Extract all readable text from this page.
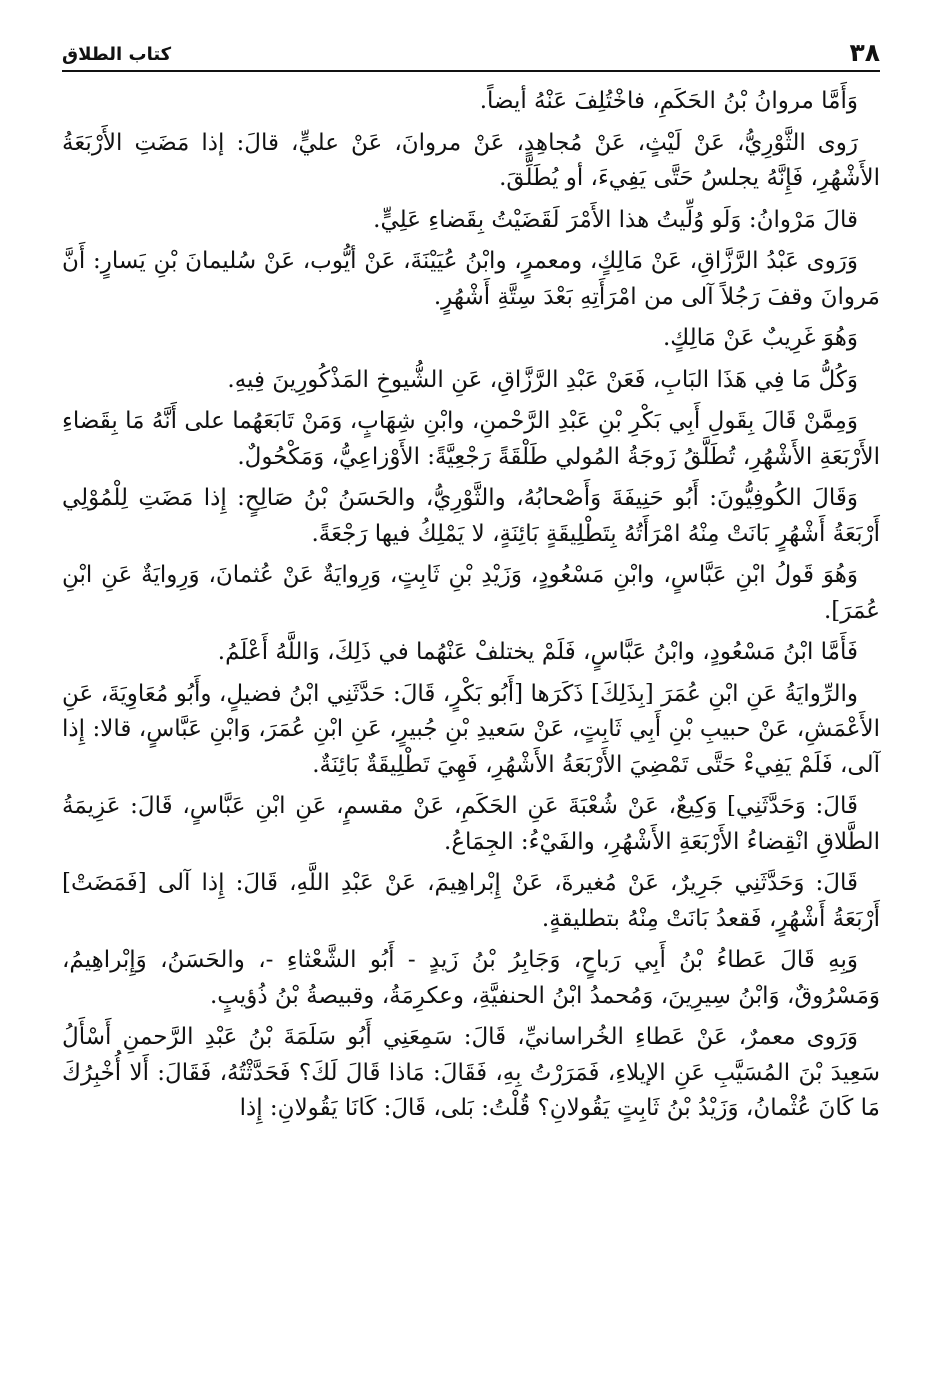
٣٨
كتاب الطلاق

وَأَمَّا مروانُ بْنُ الحَكَمِ، فاخْتُلِفَ عَنْهُ أيضاً.

رَوى الثَّوْرِيُّ، عَنْ لَيْثٍ، عَنْ مُجاهِدٍ، عَنْ مروانَ، عَنْ عليٍّ، قالَ: إذا مَضَتِ الأَرْبَعَةُ الأَشْهُرِ، فَإِنَّهُ يجلسُ حَتَّى يَفِيءَ، أو يُطَلِّقَ.

قالَ مَرْوانُ: وَلَو وُلِّيتُ هذا الأَمْرَ لَقَضَيْتُ بِقَضاءِ عَلِيٍّ.

وَرَوى عَبْدُ الرَّزَّاقِ، عَنْ مَالِكٍ، ومعمرٍ، وابْنُ عُيَيْنَةَ، عَنْ أيُّوب، عَنْ سُليمانَ بْنِ يَسارٍ: أَنَّ مَروانَ وقفَ رَجُلاً آلى من امْرَأَتِهِ بَعْدَ سِتَّةِ أَشْهُرٍ.

وَهُوَ غَرِيبٌ عَنْ مَالِكٍ.

وَكُلُّ مَا فِي هَذَا البَابِ، فَعَنْ عَبْدِ الرَّزَّاقِ، عَنِ الشُّيوخِ المَذْكُورِينَ فِيهِ.

وَمِمَّنْ قَالَ بِقَولِ أَبِي بَكْرِ بْنِ عَبْدِ الرَّحْمنِ، وابْنِ شِهَابٍ، وَمَنْ تَابَعَهُما على أَنَّهُ مَا بِقَضاءِ الأَرْبَعَةِ الأَشْهُرِ، تُطَلَّقُ زَوجَةُ المُولي طَلْقَةً رَجْعِيَّةً: الأَوْزاعِيُّ، وَمَكْحُولٌ.

وَقَالَ الكُوفِيُّونَ: أَبُو حَنِيفَةَ وَأَصْحابُهُ، والثَّوْرِيُّ، والحَسَنُ بْنُ صَالِحٍ: إِذا مَضَتِ لِلْمُوْلِي أَرْبَعَةُ أَشْهُرٍ بَانَتْ مِنْهُ امْرَأَتُهُ بِتَطْلِيقَةٍ بَائِنَةٍ، لا يَمْلِكُ فيها رَجْعَةً.

وَهُوَ قَولُ ابْنِ عَبَّاسٍ، وابْنِ مَسْعُودٍ، وَزَيْدِ بْنِ ثَابِتٍ، وَرِوايَةٌ عَنْ عُثمانَ، وَرِوايَةٌ عَنِ ابْنِ عُمَرَ].

فَأَمَّا ابْنُ مَسْعُودٍ، وابْنُ عَبَّاسٍ، فَلَمْ يختلفْ عَنْهُما في ذَلِكَ، وَاللَّهُ أَعْلَمُ.

والرِّوايَةُ عَنِ ابْنِ عُمَرَ [بِذَلِكَ] ذَكَرَها [أَبُو بَكْرٍ، قَالَ: حَدَّثَنِي ابْنُ فضيلٍ، وأَبُو مُعَاوِيَةَ، عَنِ الأَعْمَشِ، عَنْ حبيبِ بْنِ أَبِي ثَابِتٍ، عَنْ سَعيدِ بْنِ جُبيرٍ، عَنِ ابْنِ عُمَرَ، وَابْنِ عَبَّاسٍ، قالا: إِذا آلى، فَلَمْ يَفِيءْ حَتَّى تَمْضِيَ الأَرْبَعَةُ الأَشْهُرِ، فَهِيَ تَطْلِيقَةٌ بَائِنَةٌ.

قَالَ: وَحَدَّثَنِي] وَكِيعٌ، عَنْ شُعْبَةَ عَنِ الحَكَمِ، عَنْ مقسمٍ، عَنِ ابْنِ عَبَّاسٍ، قَالَ: عَزِيمَةُ الطَّلاقِ انْقِضاءُ الأَرْبَعَةِ الأَشْهُرِ، والفَيْءُ: الجِمَاعُ.

قَالَ: وَحَدَّثَنِي جَرِيرٌ، عَنْ مُغيرةَ، عَنْ إِبْراهِيمَ، عَنْ عَبْدِ اللَّهِ، قَالَ: إِذا آلى [فَمَضَتْ] أَرْبَعَةُ أَشْهُرٍ، فَقعدُ بَانَتْ مِنْهُ بتطليقةٍ.

وَبِهِ قَالَ عَطاءُ بْنُ أَبِي رَباحٍ، وَجَابِرُ بْنُ زَيدٍ - أَبُو الشَّعْثاءِ -، والحَسَنُ، وَإِبْراهِيمُ، وَمَسْرُوقٌ، وَابْنُ سِيرِينَ، وَمُحمدُ ابْنُ الحنفيَّةِ، وعكرِمَةُ، وقبيصةُ بْنُ ذُؤيبٍ.

وَرَوى معمرٌ، عَنْ عَطاءِ الخُراسانيِّ، قَالَ: سَمِعَنِي أَبُو سَلَمَةَ بْنُ عَبْدِ الرَّحمنِ أَسْأَلُ سَعِيدَ بْنَ المُسَيَّبِ عَنِ الإيلاءِ، فَمَرَرْتُ بِهِ، فَقَالَ: مَاذا قَالَ لَكَ؟ فَحَدَّثْتُهُ، فَقَالَ: أَلا أُخْبِرُكَ مَا كَانَ عُثْمانُ، وَزَيْدُ بْنُ ثَابِتٍ يَقُولانِ؟ قُلْتُ: بَلى، قَالَ: كَانَا يَقُولانِ: إِذا
